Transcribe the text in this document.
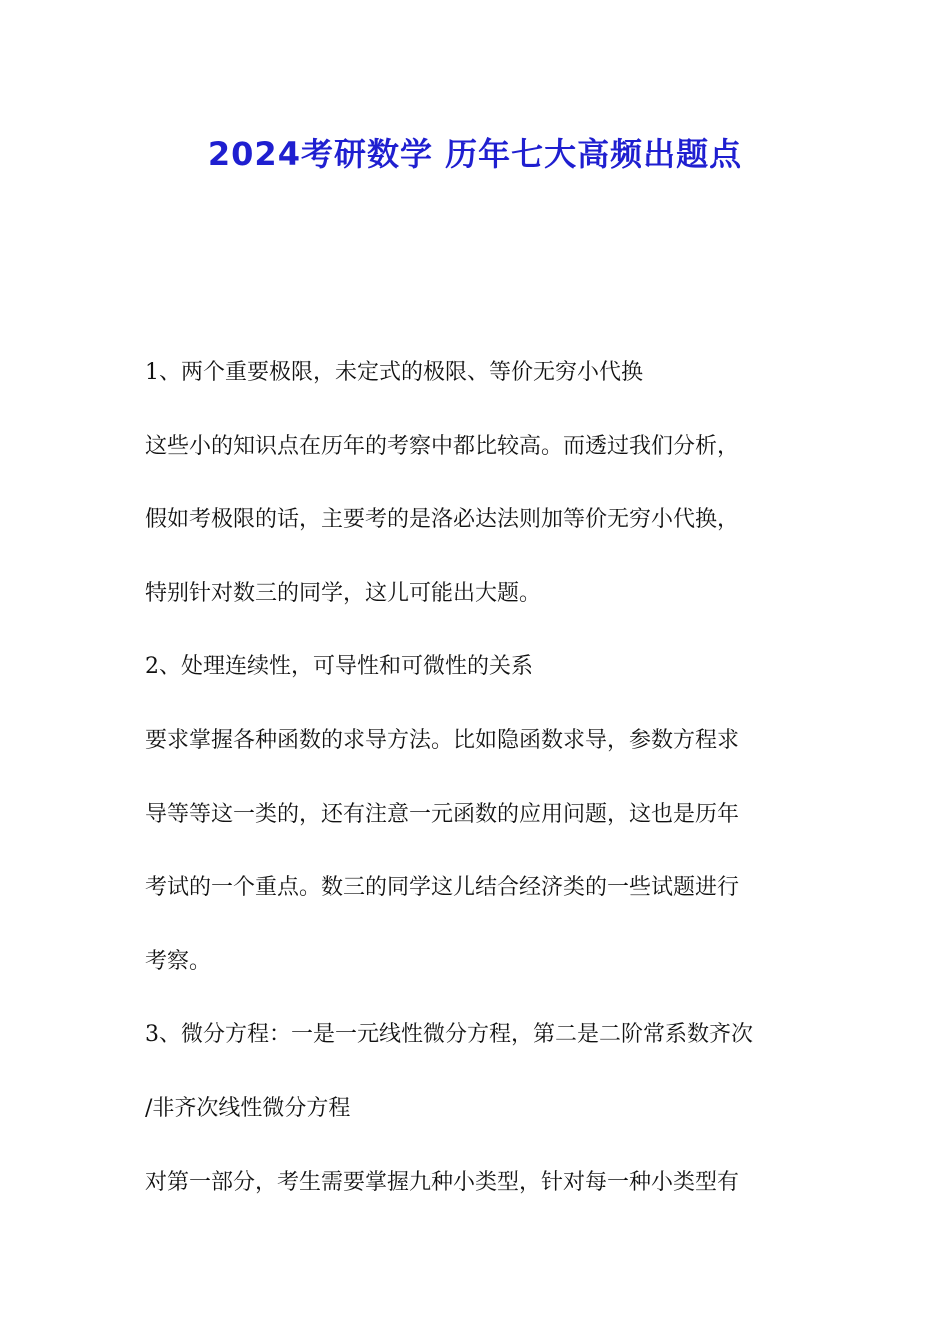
2024考研数学 历年七大高频出题点

1、两个重要极限，未定式的极限、等价无穷小代换

这些小的知识点在历年的考察中都比较高。而透过我们分析，

假如考极限的话，主要考的是洛必达法则加等价无穷小代换，

特别针对数三的同学，这儿可能出大题。

2、处理连续性，可导性和可微性的关系

要求掌握各种函数的求导方法。比如隐函数求导，参数方程求

导等等这一类的，还有注意一元函数的应用问题，这也是历年

考试的一个重点。数三的同学这儿结合经济类的一些试题进行

考察。

3、微分方程：一是一元线性微分方程，第二是二阶常系数齐次

/非齐次线性微分方程

对第一部分，考生需要掌握九种小类型，针对每一种小类型有
